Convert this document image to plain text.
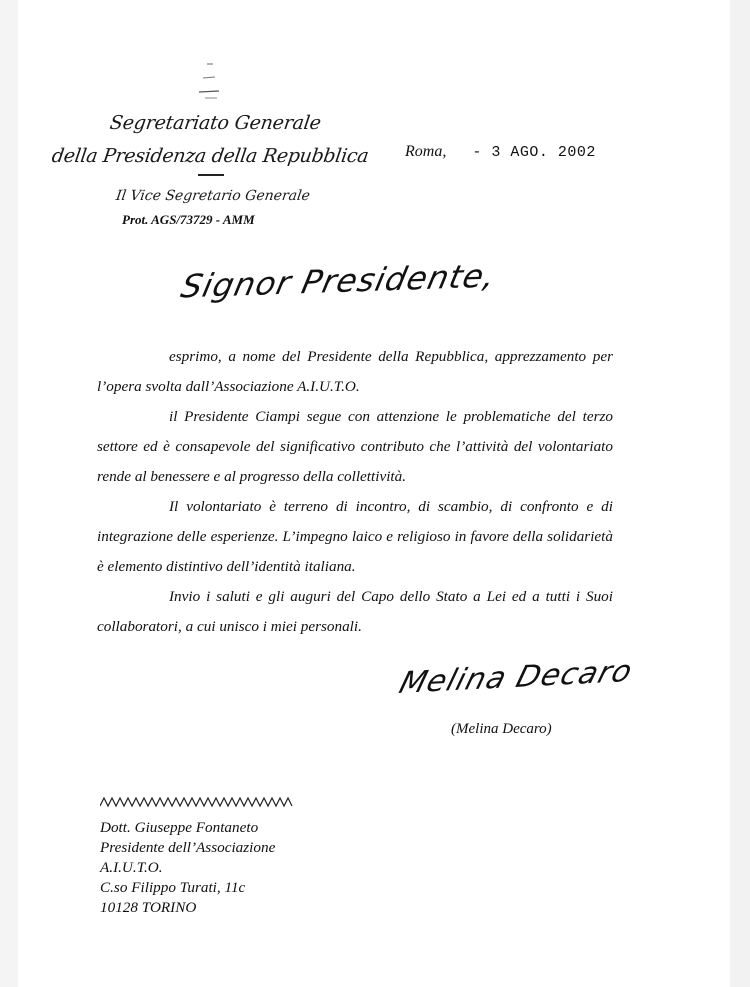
Segretariato Generale
della Presidenza della Repubblica
Il Vice Segretario Generale
Prot. AGS/73729 - AMM
Roma, - 3 AGO. 2002
Signor Presidente,

esprimo, a nome del Presidente della Repubblica, apprezzamento per l’opera svolta dall’Associazione A.I.U.T.O.

il Presidente Ciampi segue con attenzione le problematiche del terzo settore ed è consapevole del significativo contributo che l’attività del volontariato rende al benessere e al progresso della collettività.

Il volontariato è terreno di incontro, di scambio, di confronto e di integrazione delle esperienze. L’impegno laico e religioso in favore della solidarietà è elemento distintivo dell’identità italiana.

Invio i saluti e gli auguri del Capo dello Stato a Lei ed a tutti i Suoi collaboratori, a cui unisco i miei personali.

Melina Decaro
(Melina Decaro)
Dott. Giuseppe Fontaneto
Presidente dell’Associazione
A.I.U.T.O.
C.so Filippo Turati, 11c
10128 TORINO
